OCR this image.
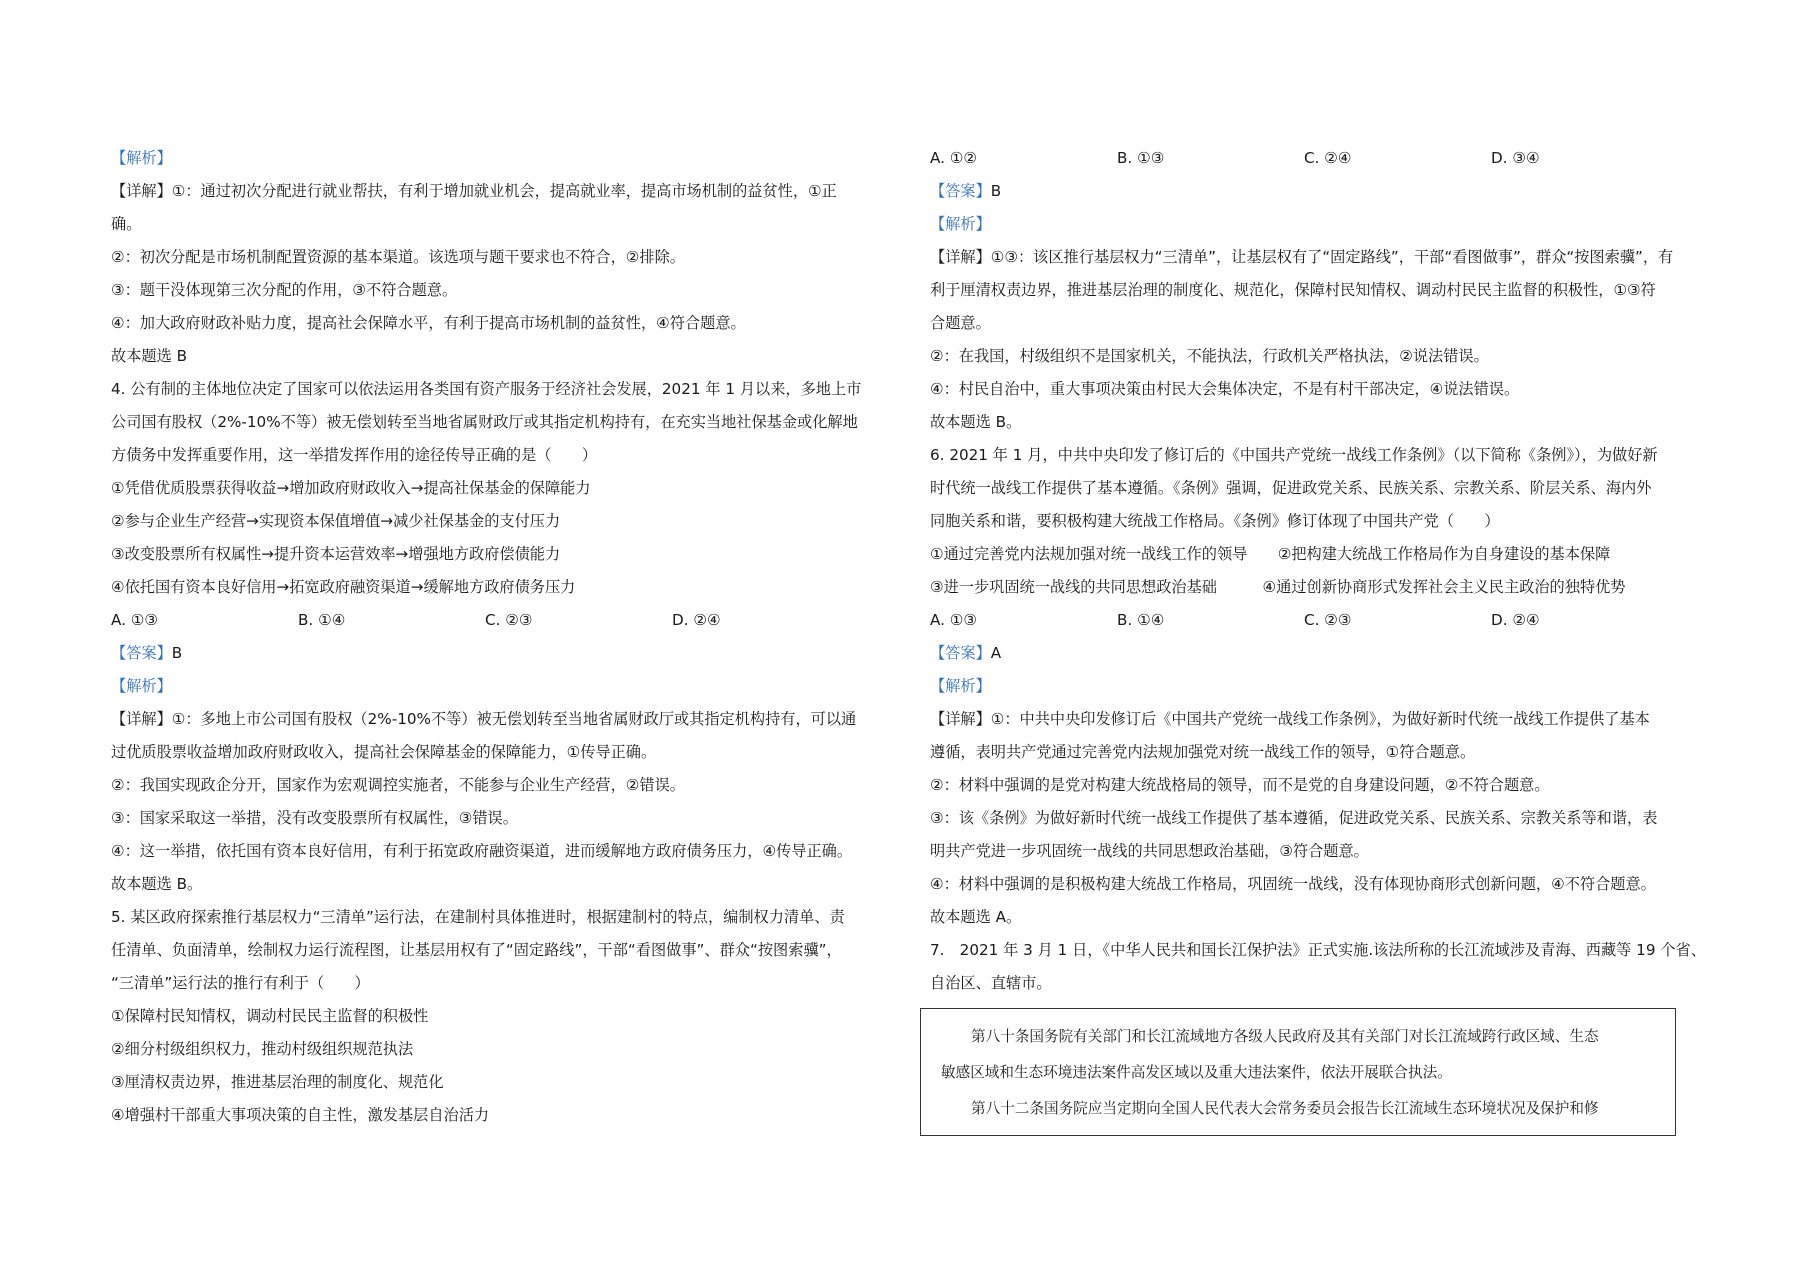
【解析】
【详解】①：通过初次分配进行就业帮扶，有利于增加就业机会，提高就业率，提高市场机制的益贫性，①正
确。
②：初次分配是市场机制配置资源的基本渠道。该选项与题干要求也不符合，②排除。
③：题干没体现第三次分配的作用，③不符合题意。
④：加大政府财政补贴力度，提高社会保障水平，有利于提高市场机制的益贫性，④符合题意。
故本题选 B
4. 公有制的主体地位决定了国家可以依法运用各类国有资产服务于经济社会发展，2021 年 1 月以来，多地上市
公司国有股权（2%-10%不等）被无偿划转至当地省属财政厅或其指定机构持有，在充实当地社保基金或化解地
方债务中发挥重要作用，这一举措发挥作用的途径传导正确的是（　　）
①凭借优质股票获得收益→增加政府财政收入→提高社保基金的保障能力
②参与企业生产经营→实现资本保值增值→减少社保基金的支付压力
③改变股票所有权属性→提升资本运营效率→增强地方政府偿债能力
④依托国有资本良好信用→拓宽政府融资渠道→缓解地方政府债务压力
A. ①③	B. ①④	C. ②③	D. ②④
【答案】B
【解析】
【详解】①：多地上市公司国有股权（2%-10%不等）被无偿划转至当地省属财政厅或其指定机构持有，可以通
过优质股票收益增加政府财政收入，提高社会保障基金的保障能力，①传导正确。
②：我国实现政企分开，国家作为宏观调控实施者，不能参与企业生产经营，②错误。
③：国家采取这一举措，没有改变股票所有权属性，③错误。
④：这一举措，依托国有资本良好信用，有利于拓宽政府融资渠道，进而缓解地方政府债务压力，④传导正确。
故本题选 B。
5. 某区政府探索推行基层权力“三清单”运行法，在建制村具体推进时，根据建制村的特点，编制权力清单、责
任清单、负面清单，绘制权力运行流程图，让基层用权有了“固定路线”，干部“看图做事”、群众“按图索骥”，
“三清单”运行法的推行有利于（　　）
①保障村民知情权，调动村民民主监督的积极性
②细分村级组织权力，推动村级组织规范执法
③厘清权责边界，推进基层治理的制度化、规范化
④增强村干部重大事项决策的自主性，激发基层自治活力
A. ①②	B. ①③	C. ②④	D. ③④
【答案】B
【解析】
【详解】①③：该区推行基层权力“三清单”，让基层权有了“固定路线”，干部“看图做事”，群众“按图索骥”，有
利于厘清权责边界，推进基层治理的制度化、规范化，保障村民知情权、调动村民民主监督的积极性，①③符
合题意。
②：在我国，村级组织不是国家机关，不能执法，行政机关严格执法，②说法错误。
④：村民自治中，重大事项决策由村民大会集体决定，不是有村干部决定，④说法错误。
故本题选 B。
6. 2021 年 1 月，中共中央印发了修订后的《中国共产党统一战线工作条例》（以下简称《条例》），为做好新
时代统一战线工作提供了基本遵循。《条例》强调，促进政党关系、民族关系、宗教关系、阶层关系、海内外
同胞关系和谐，要积极构建大统战工作格局。《条例》修订体现了中国共产党（　　）
①通过完善党内法规加强对统一战线工作的领导　　②把构建大统战工作格局作为自身建设的基本保障
③进一步巩固统一战线的共同思想政治基础　　　④通过创新协商形式发挥社会主义民主政治的独特优势
A. ①③	B. ①④	C. ②③	D. ②④
【答案】A
【解析】
【详解】①：中共中央印发修订后《中国共产党统一战线工作条例》，为做好新时代统一战线工作提供了基本
遵循，表明共产党通过完善党内法规加强党对统一战线工作的领导，①符合题意。
②：材料中强调的是党对构建大统战格局的领导，而不是党的自身建设问题，②不符合题意。
③：该《条例》为做好新时代统一战线工作提供了基本遵循，促进政党关系、民族关系、宗教关系等和谐，表
明共产党进一步巩固统一战线的共同思想政治基础，③符合题意。
④：材料中强调的是积极构建大统战工作格局，巩固统一战线，没有体现协商形式创新问题，④不符合题意。
故本题选 A。
7.　2021 年 3 月 1 日，《中华人民共和国长江保护法》正式实施.该法所称的长江流域涉及青海、西藏等 19 个省、
自治区、直辖市。
第八十条国务院有关部门和长江流域地方各级人民政府及其有关部门对长江流域跨行政区域、生态
敏感区域和生态环境违法案件高发区域以及重大违法案件，依法开展联合执法。
第八十二条国务院应当定期向全国人民代表大会常务委员会报告长江流域生态环境状况及保护和修
